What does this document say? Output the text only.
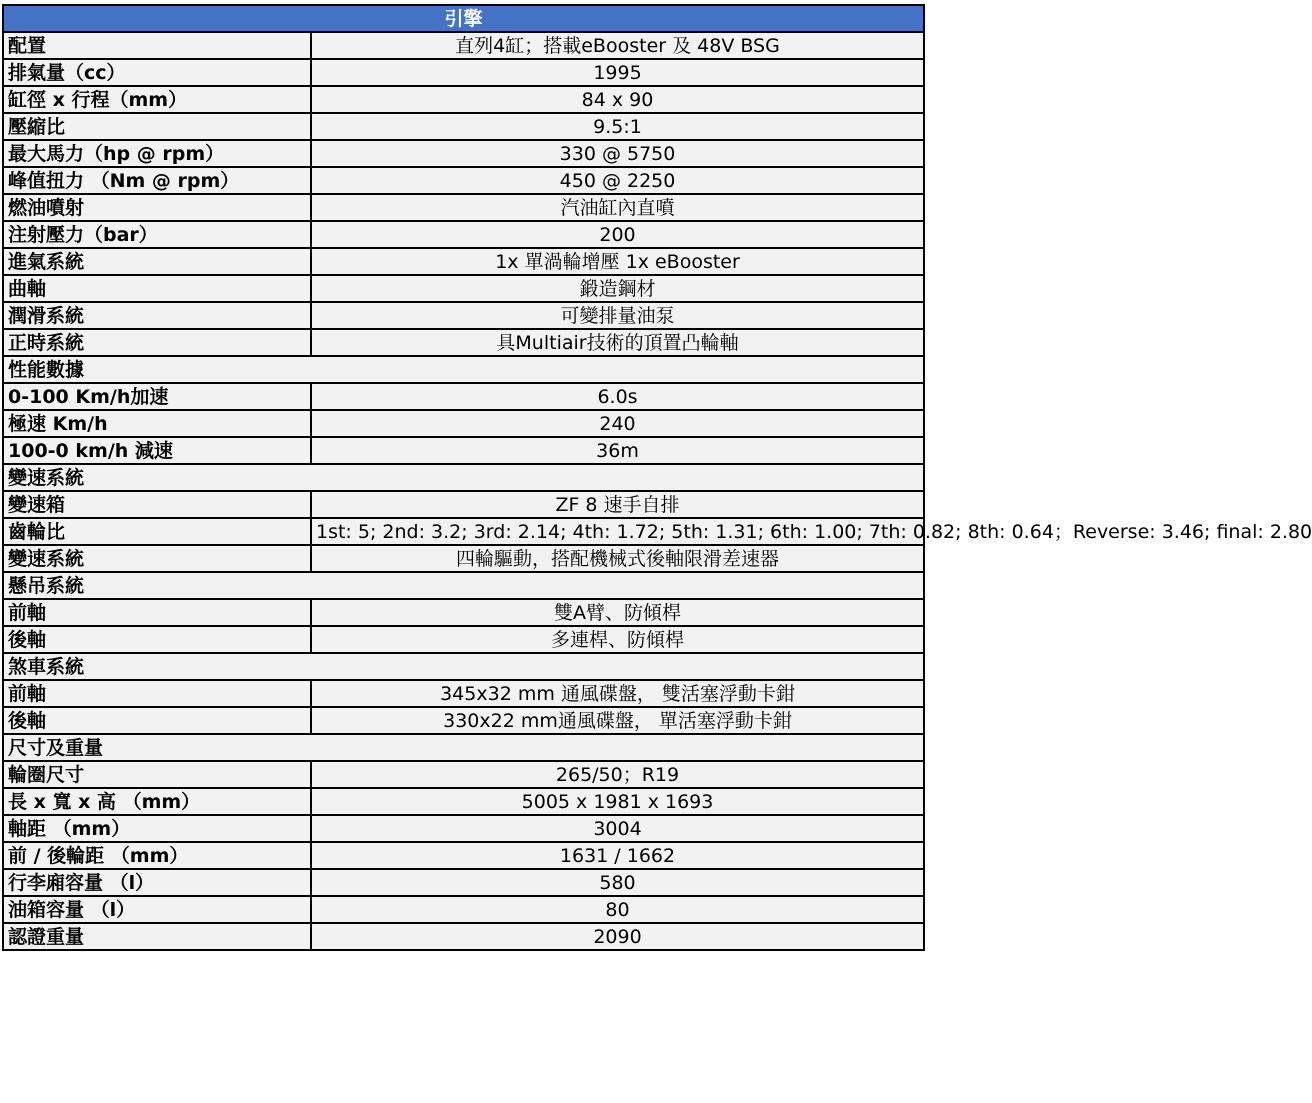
引擎	
配置	直列4缸；搭載eBooster 及 48V BSG
排氣量（cc）	1995
缸徑 x 行程（mm）	84 x 90
壓縮比	9.5:1
最大馬力（hp @ rpm）	330 @ 5750
峰值扭力 （Nm @ rpm）	450 @ 2250
燃油噴射	汽油缸內直噴
注射壓力（bar）	200
進氣系統	1x 單渦輪增壓 1x eBooster
曲軸	鍛造鋼材
潤滑系統	可變排量油泵
正時系統	具Multiair技術的頂置凸輪軸
性能數據	
0-100 Km/h加速	6.0s
極速 Km/h	240
100-0 km/h 減速	36m
變速系統	
變速箱	ZF 8 速手自排
齒輪比	1st: 5; 2nd: 3.2; 3rd: 2.14; 4th: 1.72; 5th: 1.31; 6th: 1.00; 7th: 0.82; 8th: 0.64；Reverse: 3.46; final: 2.80
變速系統	四輪驅動，搭配機械式後軸限滑差速器
懸吊系統	
前軸	雙A臂、防傾桿
後軸	多連桿、防傾桿
煞車系統	
前軸	345x32 mm 通風碟盤， 雙活塞浮動卡鉗
後軸	330x22 mm通風碟盤， 單活塞浮動卡鉗
尺寸及重量	
輪圈尺寸	265/50；R19
長 x 寬 x 高 （mm）	5005 x 1981 x 1693
軸距 （mm）	3004
前 / 後輪距 （mm）	1631 / 1662
行李廂容量 （l）	580
油箱容量 （l）	80
認證重量	2090
